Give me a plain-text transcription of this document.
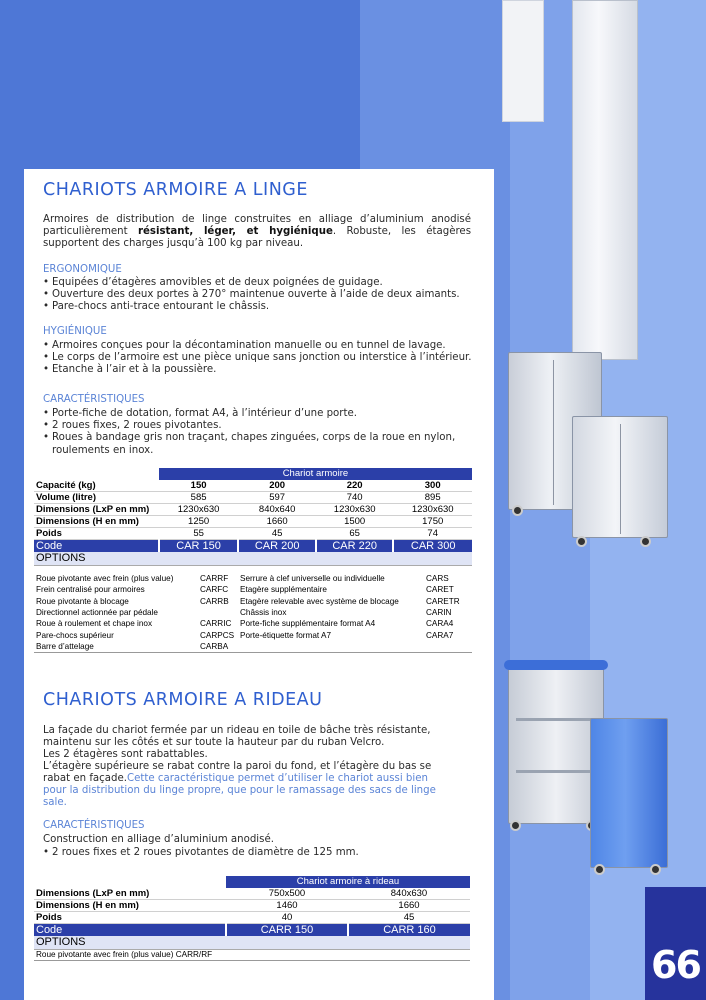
CHARIOTS ARMOIRE A LINGE
Armoires de distribution de linge construites en alliage d’aluminium anodisé particulièrement résistant, léger, et hygiénique. Robuste, les étagères supportent des charges jusqu’à 100 kg par niveau.
ERGONOMIQUE
• Equipées d’étagères amovibles et de deux poignées de guidage.
• Ouverture des deux portes à 270° maintenue ouverte à l’aide de deux aimants.
• Pare-chocs anti-trace entourant le châssis.
HYGIÉNIQUE
• Armoires conçues pour la décontamination manuelle ou en tunnel de lavage.
• Le corps de l’armoire est une pièce unique sans jonction ou interstice à l’intérieur.
• Etanche à l’air et à la poussière.
CARACTÉRISTIQUES
• Porte-fiche de dotation, format A4, à l’intérieur d’une porte.
• 2 roues fixes, 2 roues pivotantes.
• Roues à bandage gris non traçant, chapes zinguées, corps de la roue en nylon, roulements en inox.
	Chariot armoire			
Capacité (kg)	150	200	220	300
Volume (litre)	585	597	740	895
Dimensions (LxP en mm)	1230x630	840x640	1230x630	1230x630
Dimensions (H en mm)	1250	1660	1500	1750
Poids	55	45	65	74
Code	CAR 150	CAR 200	CAR 220	CAR 300
OPTIONS				
Roue pivotante avec frein (plus value)	CARRF	Serrure à clef universelle ou individuelle	CARS
Frein centralisé pour armoires	CARFC	Etagère supplémentaire	CARET
Roue pivotante à blocage	CARRB	Etagère relevable avec système de blocage	CARETR
Directionnel actionnée par pédale		Châssis inox	CARIN
Roue à roulement et chape inox	CARRIC	Porte-fiche supplémentaire format A4	CARA4
Pare-chocs supérieur	CARPCS	Porte-étiquette format A7	CARA7
Barre d’attelage	CARBA		
CHARIOTS ARMOIRE A RIDEAU
La façade du chariot fermée par un rideau en toile de bâche très résistante, maintenu sur les côtés et sur toute la hauteur par du ruban Velcro.
Les 2 étagères sont rabattables.
L’étagère supérieure se rabat contre la paroi du fond, et l’étagère du bas se rabat en façade.Cette caractéristique permet d’utiliser le chariot aussi bien pour la distribution du linge propre, que pour le ramassage des sacs de linge sale.
CARACTÉRISTIQUES
Construction en alliage d’aluminium anodisé.
• 2 roues fixes et 2 roues pivotantes de diamètre de 125 mm.
	Chariot armoire à rideau	
Dimensions (LxP en mm)	750x500	840x630
Dimensions (H en mm)	1460	1660
Poids	40	45
Code	CARR 150	CARR 160
OPTIONS		
Roue pivotante avec frein (plus value) CARR/RF			66
